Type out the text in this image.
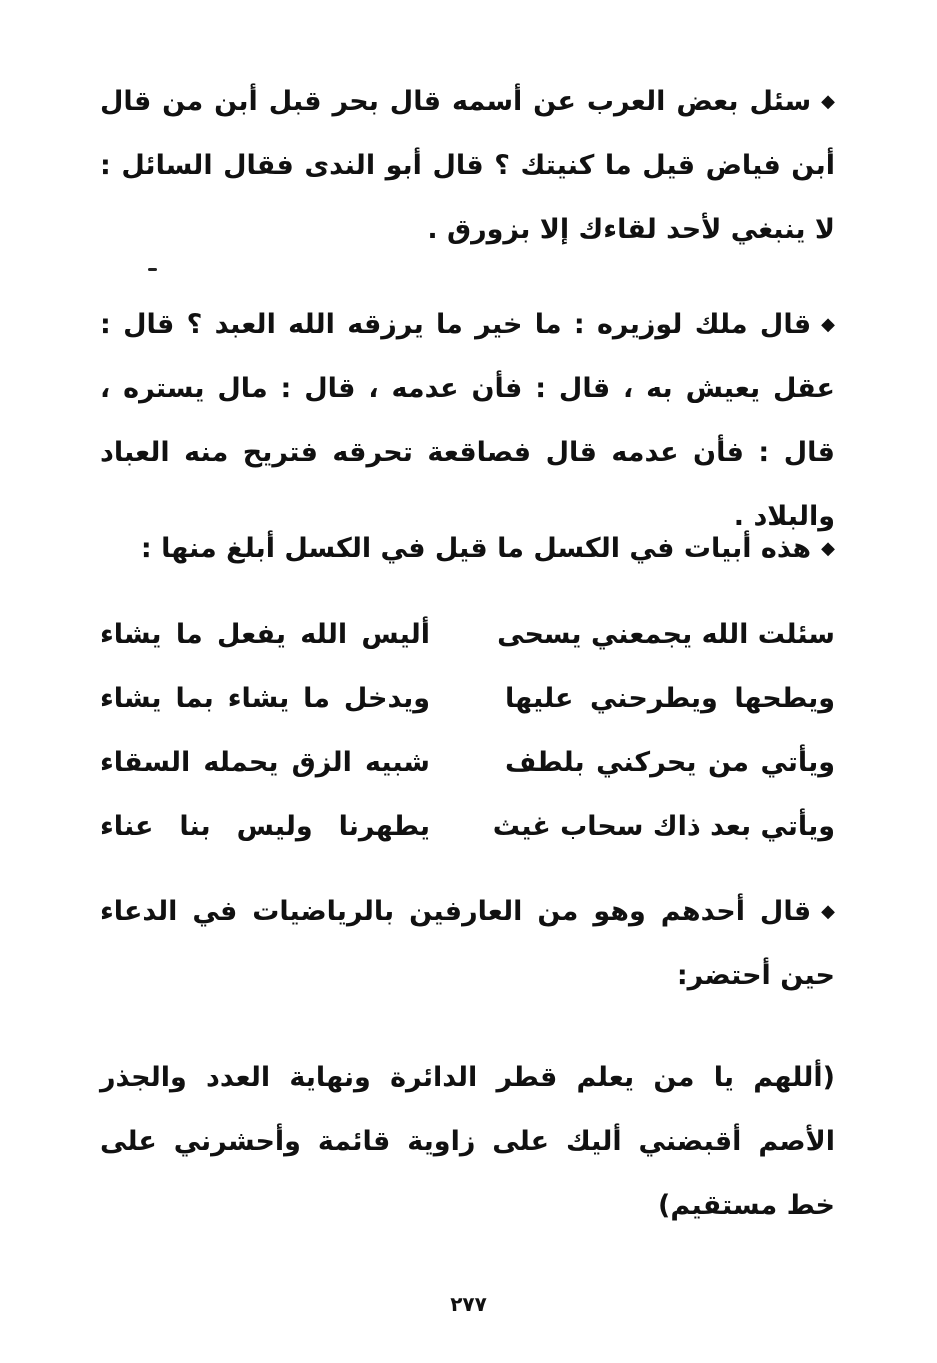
◆سئل بعض العرب عن أسمه قال بحر قبل أبن من قال أبن فياض قيل ما كنيتك ؟ قال أبو الندى فقال السائل : لا ينبغي لأحد لقاءك إلا بزورق .
◆قال ملك لوزيره : ما خير ما يرزقه الله العبد ؟ قال : عقل يعيش به ، قال : فأن عدمه ، قال : مال يستره ، قال : فأن عدمه قال فصاقعة تحرقه فتريح منه العباد والبلاد .
◆هذه أبيات في الكسل ما قيل في الكسل أبلغ منها :
سئلت الله يجمعني يسحى
أليس الله يفعل ما يشاء
ويطحها ويطرحني عليها
ويدخل ما يشاء بما يشاء
ويأتي من يحركني بلطف
شبيه الزق يحمله السقاء
ويأتي بعد ذاك سحاب غيث
يطهرنا وليس بنا عناء
◆قال أحدهم وهو من العارفين بالرياضيات في الدعاء حين أحتضر:
(أللهم يا من يعلم قطر الدائرة ونهاية العدد والجذر الأصم أقبضني أليك على زاوية قائمة وأحشرني على خط مستقيم)
٢٧٧
